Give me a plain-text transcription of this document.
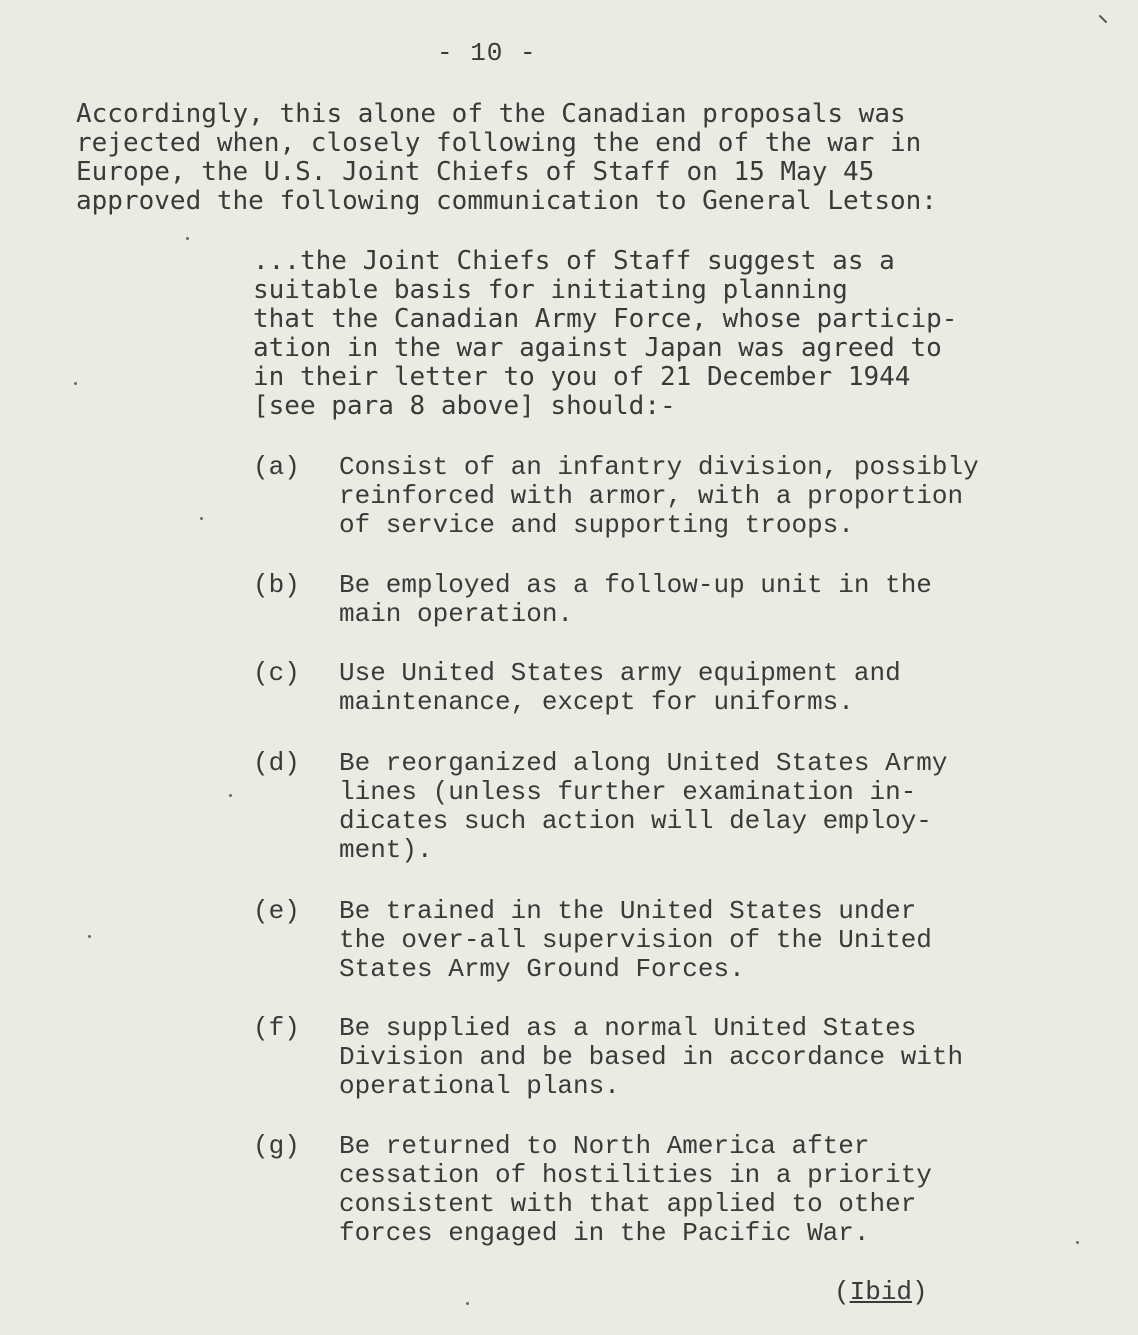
- 10 -
Accordingly, this alone of the Canadian proposals was
rejected when, closely following the end of the war in
Europe, the U.S. Joint Chiefs of Staff on 15 May 45
approved the following communication to General Letson:
...the Joint Chiefs of Staff suggest as a
suitable basis for initiating planning
that the Canadian Army Force, whose particip-
ation in the war against Japan was agreed to
in their letter to you of 21 December 1944
[see para 8 above] should:-
(a) Consist of an infantry division, possibly
reinforced with armor, with a proportion
of service and supporting troops.
(b) Be employed as a follow-up unit in the
main operation.
(c) Use United States army equipment and
maintenance, except for uniforms.
(d) Be reorganized along United States Army
lines (unless further examination in-
dicates such action will delay employ-
ment).
(e) Be trained in the United States under
the over-all supervision of the United
States Army Ground Forces.
(f) Be supplied as a normal United States
Division and be based in accordance with
operational plans.
(g) Be returned to North America after
cessation of hostilities in a priority
consistent with that applied to other
forces engaged in the Pacific War.
(Ibid)
